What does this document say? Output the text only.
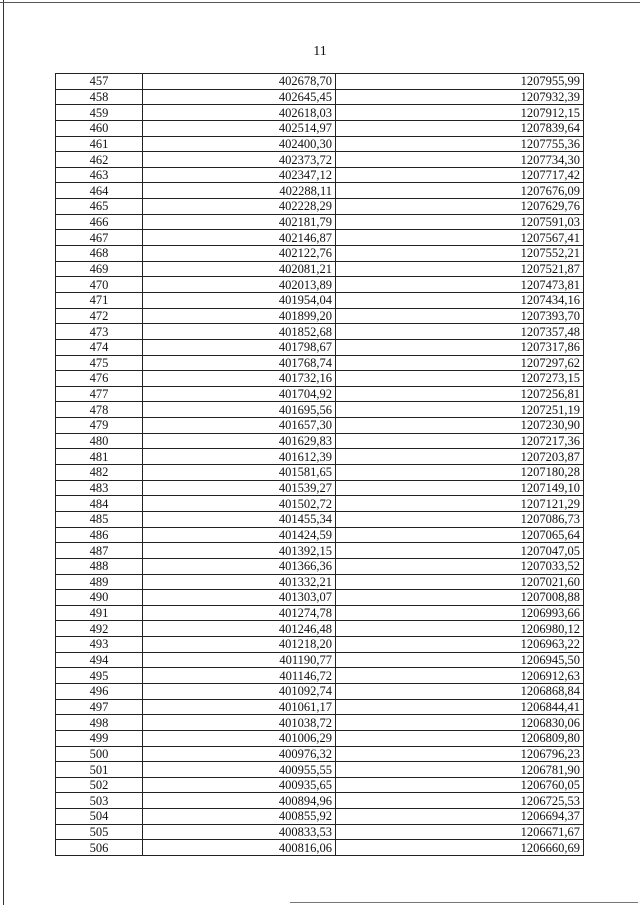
11
457	402678,70	1207955,99
458	402645,45	1207932,39
459	402618,03	1207912,15
460	402514,97	1207839,64
461	402400,30	1207755,36
462	402373,72	1207734,30
463	402347,12	1207717,42
464	402288,11	1207676,09
465	402228,29	1207629,76
466	402181,79	1207591,03
467	402146,87	1207567,41
468	402122,76	1207552,21
469	402081,21	1207521,87
470	402013,89	1207473,81
471	401954,04	1207434,16
472	401899,20	1207393,70
473	401852,68	1207357,48
474	401798,67	1207317,86
475	401768,74	1207297,62
476	401732,16	1207273,15
477	401704,92	1207256,81
478	401695,56	1207251,19
479	401657,30	1207230,90
480	401629,83	1207217,36
481	401612,39	1207203,87
482	401581,65	1207180,28
483	401539,27	1207149,10
484	401502,72	1207121,29
485	401455,34	1207086,73
486	401424,59	1207065,64
487	401392,15	1207047,05
488	401366,36	1207033,52
489	401332,21	1207021,60
490	401303,07	1207008,88
491	401274,78	1206993,66
492	401246,48	1206980,12
493	401218,20	1206963,22
494	401190,77	1206945,50
495	401146,72	1206912,63
496	401092,74	1206868,84
497	401061,17	1206844,41
498	401038,72	1206830,06
499	401006,29	1206809,80
500	400976,32	1206796,23
501	400955,55	1206781,90
502	400935,65	1206760,05
503	400894,96	1206725,53
504	400855,92	1206694,37
505	400833,53	1206671,67
506	400816,06	1206660,69
